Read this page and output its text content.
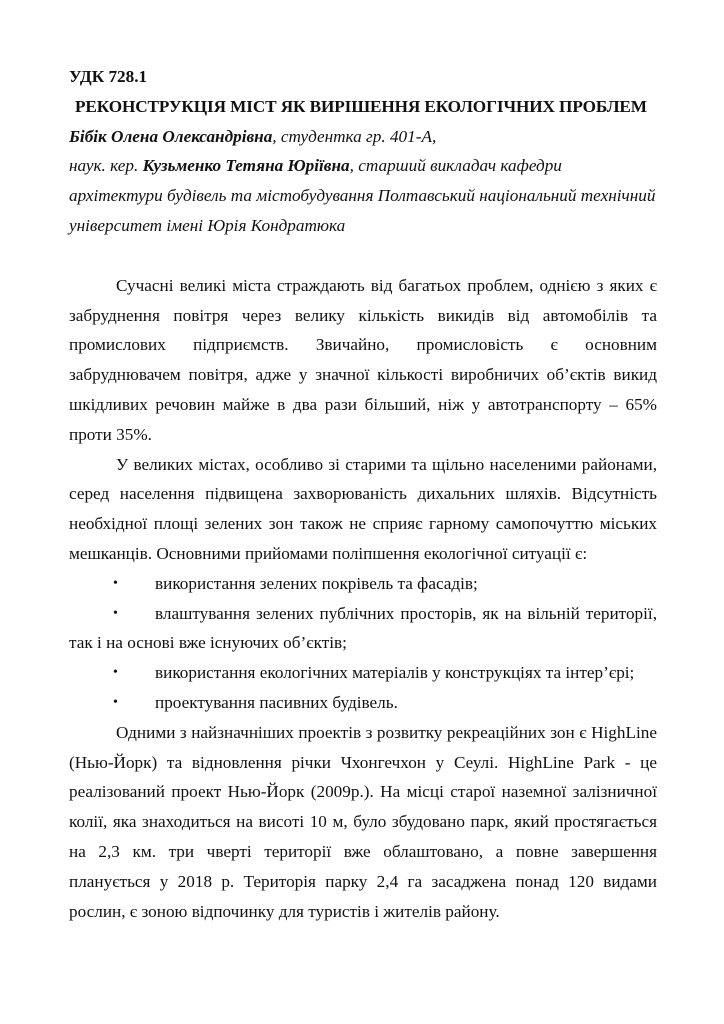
УДК 728.1

РЕКОНСТРУКЦІЯ МІСТ ЯК ВИРІШЕННЯ ЕКОЛОГІЧНИХ ПРОБЛЕМ

Бібік Олена Олександрівна, студентка гр. 401-А,

наук. кер. Кузьменко Тетяна Юріївна, старший викладач кафедри

архітектури будівель та містобудування Полтавський національний технічний

університет імені Юрія Кондратюка

Сучасні великі міста страждають від багатьох проблем, однією з яких є забруднення повітря через велику кількість викидів від автомобілів та промислових підприємств. Звичайно, промисловість є основним забруднювачем повітря, адже у значної кількості виробничих об’єктів викид шкідливих речовин майже в два рази більший, ніж у автотранспорту – 65% проти 35%.

У великих містах, особливо зі старими та щільно населеними районами, серед населення підвищена захворюваність дихальних шляхів. Відсутність необхідної площі зелених зон також не сприяє гарному самопочуттю міських мешканців. Основними прийомами поліпшення екологічної ситуації є:

• використання зелених покрівель та фасадів;
• влаштування зелених публічних просторів, як на вільній території, так і на основі вже існуючих об’єктів;
• використання екологічних матеріалів у конструкціях та інтер’єрі;
• проектування пасивних будівель.

Одними з найзначніших проектів з розвитку рекреаційних зон є HighLine (Нью-Йорк) та відновлення річки Чхонгечхон у Сеулі. HighLine Park - це реалізований проект Нью-Йорк (2009р.). На місці старої наземної залізничної колії, яка знаходиться на висоті 10 м, було збудовано парк, який простягається на 2,3 км. три чверті території вже облаштовано, а повне завершення планується у 2018 р. Територія парку 2,4 га засаджена понад 120 видами рослин, є зоною відпочинку для туристів і жителів району.
